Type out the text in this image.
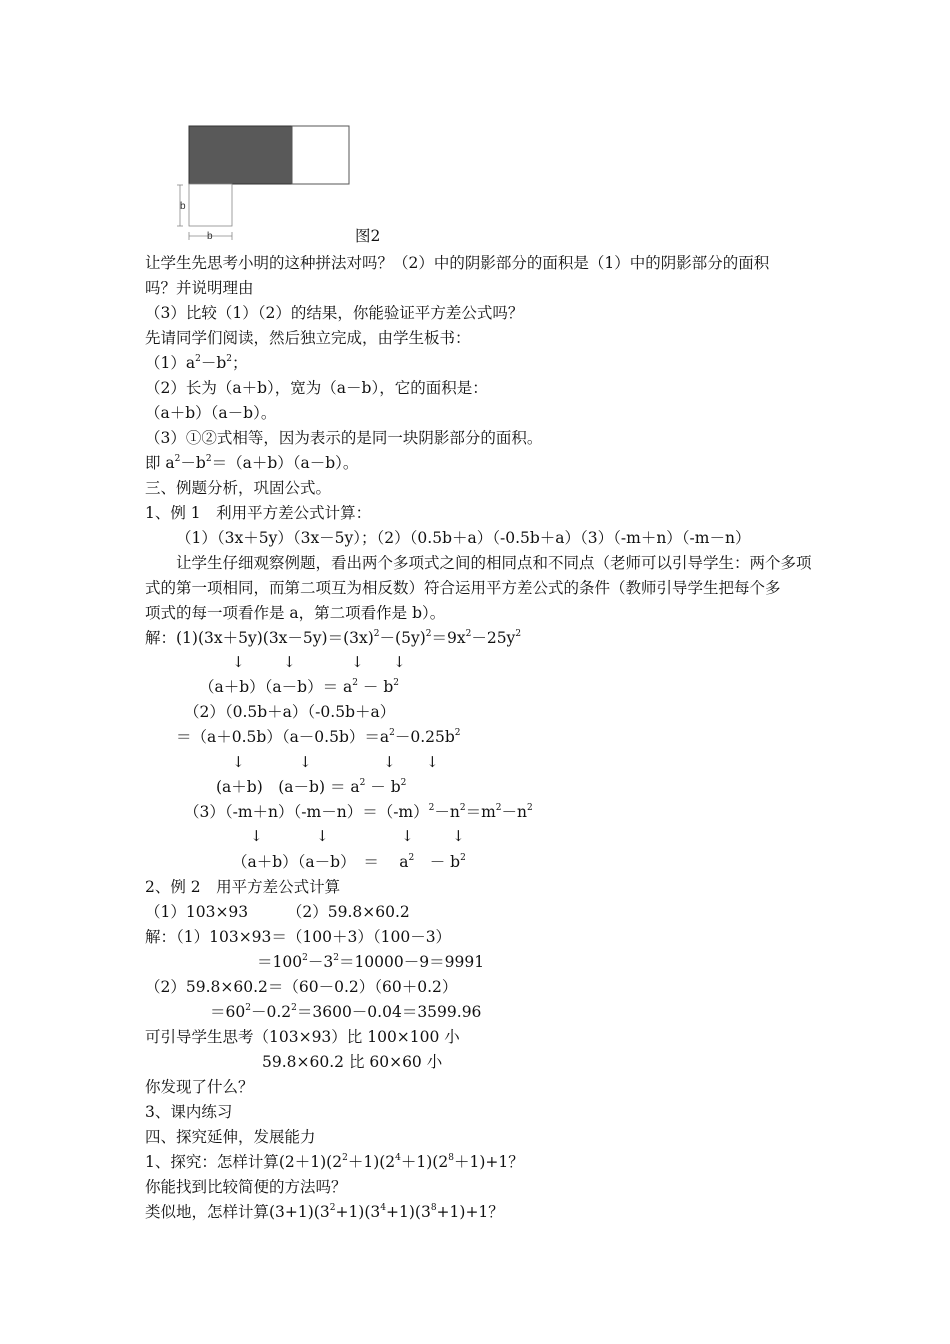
b
b	图2
让学生先思考小明的这种拼法对吗？（2）中的阴影部分的面积是（1）中的阴影部分的面积
吗？并说明理由
（3）比较（1）（2）的结果，你能验证平方差公式吗？
先请同学们阅读，然后独立完成，由学生板书：
$(1)a^2-b^2$；
（2）长为（a＋b），宽为（a－b），它的面积是：
（a＋b）（a－b）。
（3）①②式相等，因为表示的是同一块阴影部分的面积。
即 $a^2-b^2=(a+b)(a-b)$。
三、例题分析，巩固公式。
1、例 1　利用平方差公式计算：
（1）（3x＋5y）（3x－5y）；（2）（0.5b＋a）（-0.5b＋a）（3）（-m＋n）（-m－n）
让学生仔细观察例题，看出两个多项式之间的相同点和不同点（老师可以引导学生：两个多项
式的第一项相同，而第二项互为相反数）符合运用平方差公式的条件（教师引导学生把每个多
项式的每一项看作是 a，第二项看作是 b）。
解：$(1)(3x+5y)(3x-5y)=(3x)^2-(5y)^2=9x^2-25y^2$
↓	↓	↓ ↓
$(a+b)(a-b)= a^2 - b^2$
（2）（0.5b＋a）（-0.5b＋a）
$=(a+0.5b)(a-0.5b)=a^2-0.25b^2$
↓	↓	↓ ↓
(a＋b)　$(a-b) = a^2 - b^2$
$(3)(-m+n)(-m-n)=(-m)^2-n^2=m^2-n^2$
↓	↓	↓	↓
（a＋b）（a－b）　＝　 $a^2$　－ $b^2$
2、例 2　用平方差公式计算
（1）103×93　　　（2）59.8×60.2
解：（1）103×93＝（100＋3）（100－3）
$=100^2-3^2=10000-9=9991$
（2）59.8×60.2＝（60－0.2）（60＋0.2）
$=60^2-0.2^2=3600-0.04=3599.96$
可引导学生思考（103×93）比 100×100 小
59.8×60.2 比 60×60 小
你发现了什么？
3、课内练习
四、探究延伸，发展能力
1、探究：怎样计算$(2+1)(2^2+1)(2^4+1)(2^8+1)+1$？
你能找到比较简便的方法吗？
类似地，怎样计算$(3+1)(3^2+1)(3^4+1)(3^8+1)+1$？
